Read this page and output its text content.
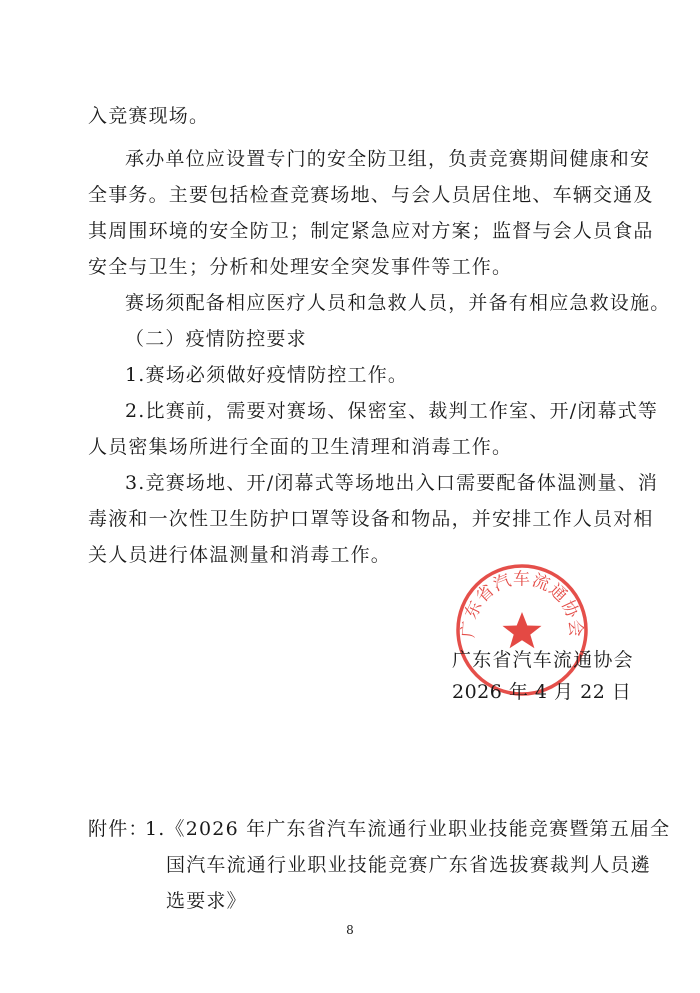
入竞赛现场。
承办单位应设置专门的安全防卫组，负责竞赛期间健康和安
全事务。主要包括检查竞赛场地、与会人员居住地、车辆交通及
其周围环境的安全防卫；制定紧急应对方案；监督与会人员食品
安全与卫生；分析和处理安全突发事件等工作。
赛场须配备相应医疗人员和急救人员，并备有相应急救设施。
（二）疫情防控要求
1.赛场必须做好疫情防控工作。
2.比赛前，需要对赛场、保密室、裁判工作室、开/闭幕式等
人员密集场所进行全面的卫生清理和消毒工作。
3.竞赛场地、开/闭幕式等场地出入口需要配备体温测量、消
毒液和一次性卫生防护口罩等设备和物品，并安排工作人员对相
关人员进行体温测量和消毒工作。
广东省汽车流通协会
广东省汽车流通协会
2026 年 4 月 22 日
附件：
1.《2026 年广东省汽车流通行业职业技能竞赛暨第五届全
国汽车流通行业职业技能竞赛广东省选拔赛裁判人员遴
选要求》
8
